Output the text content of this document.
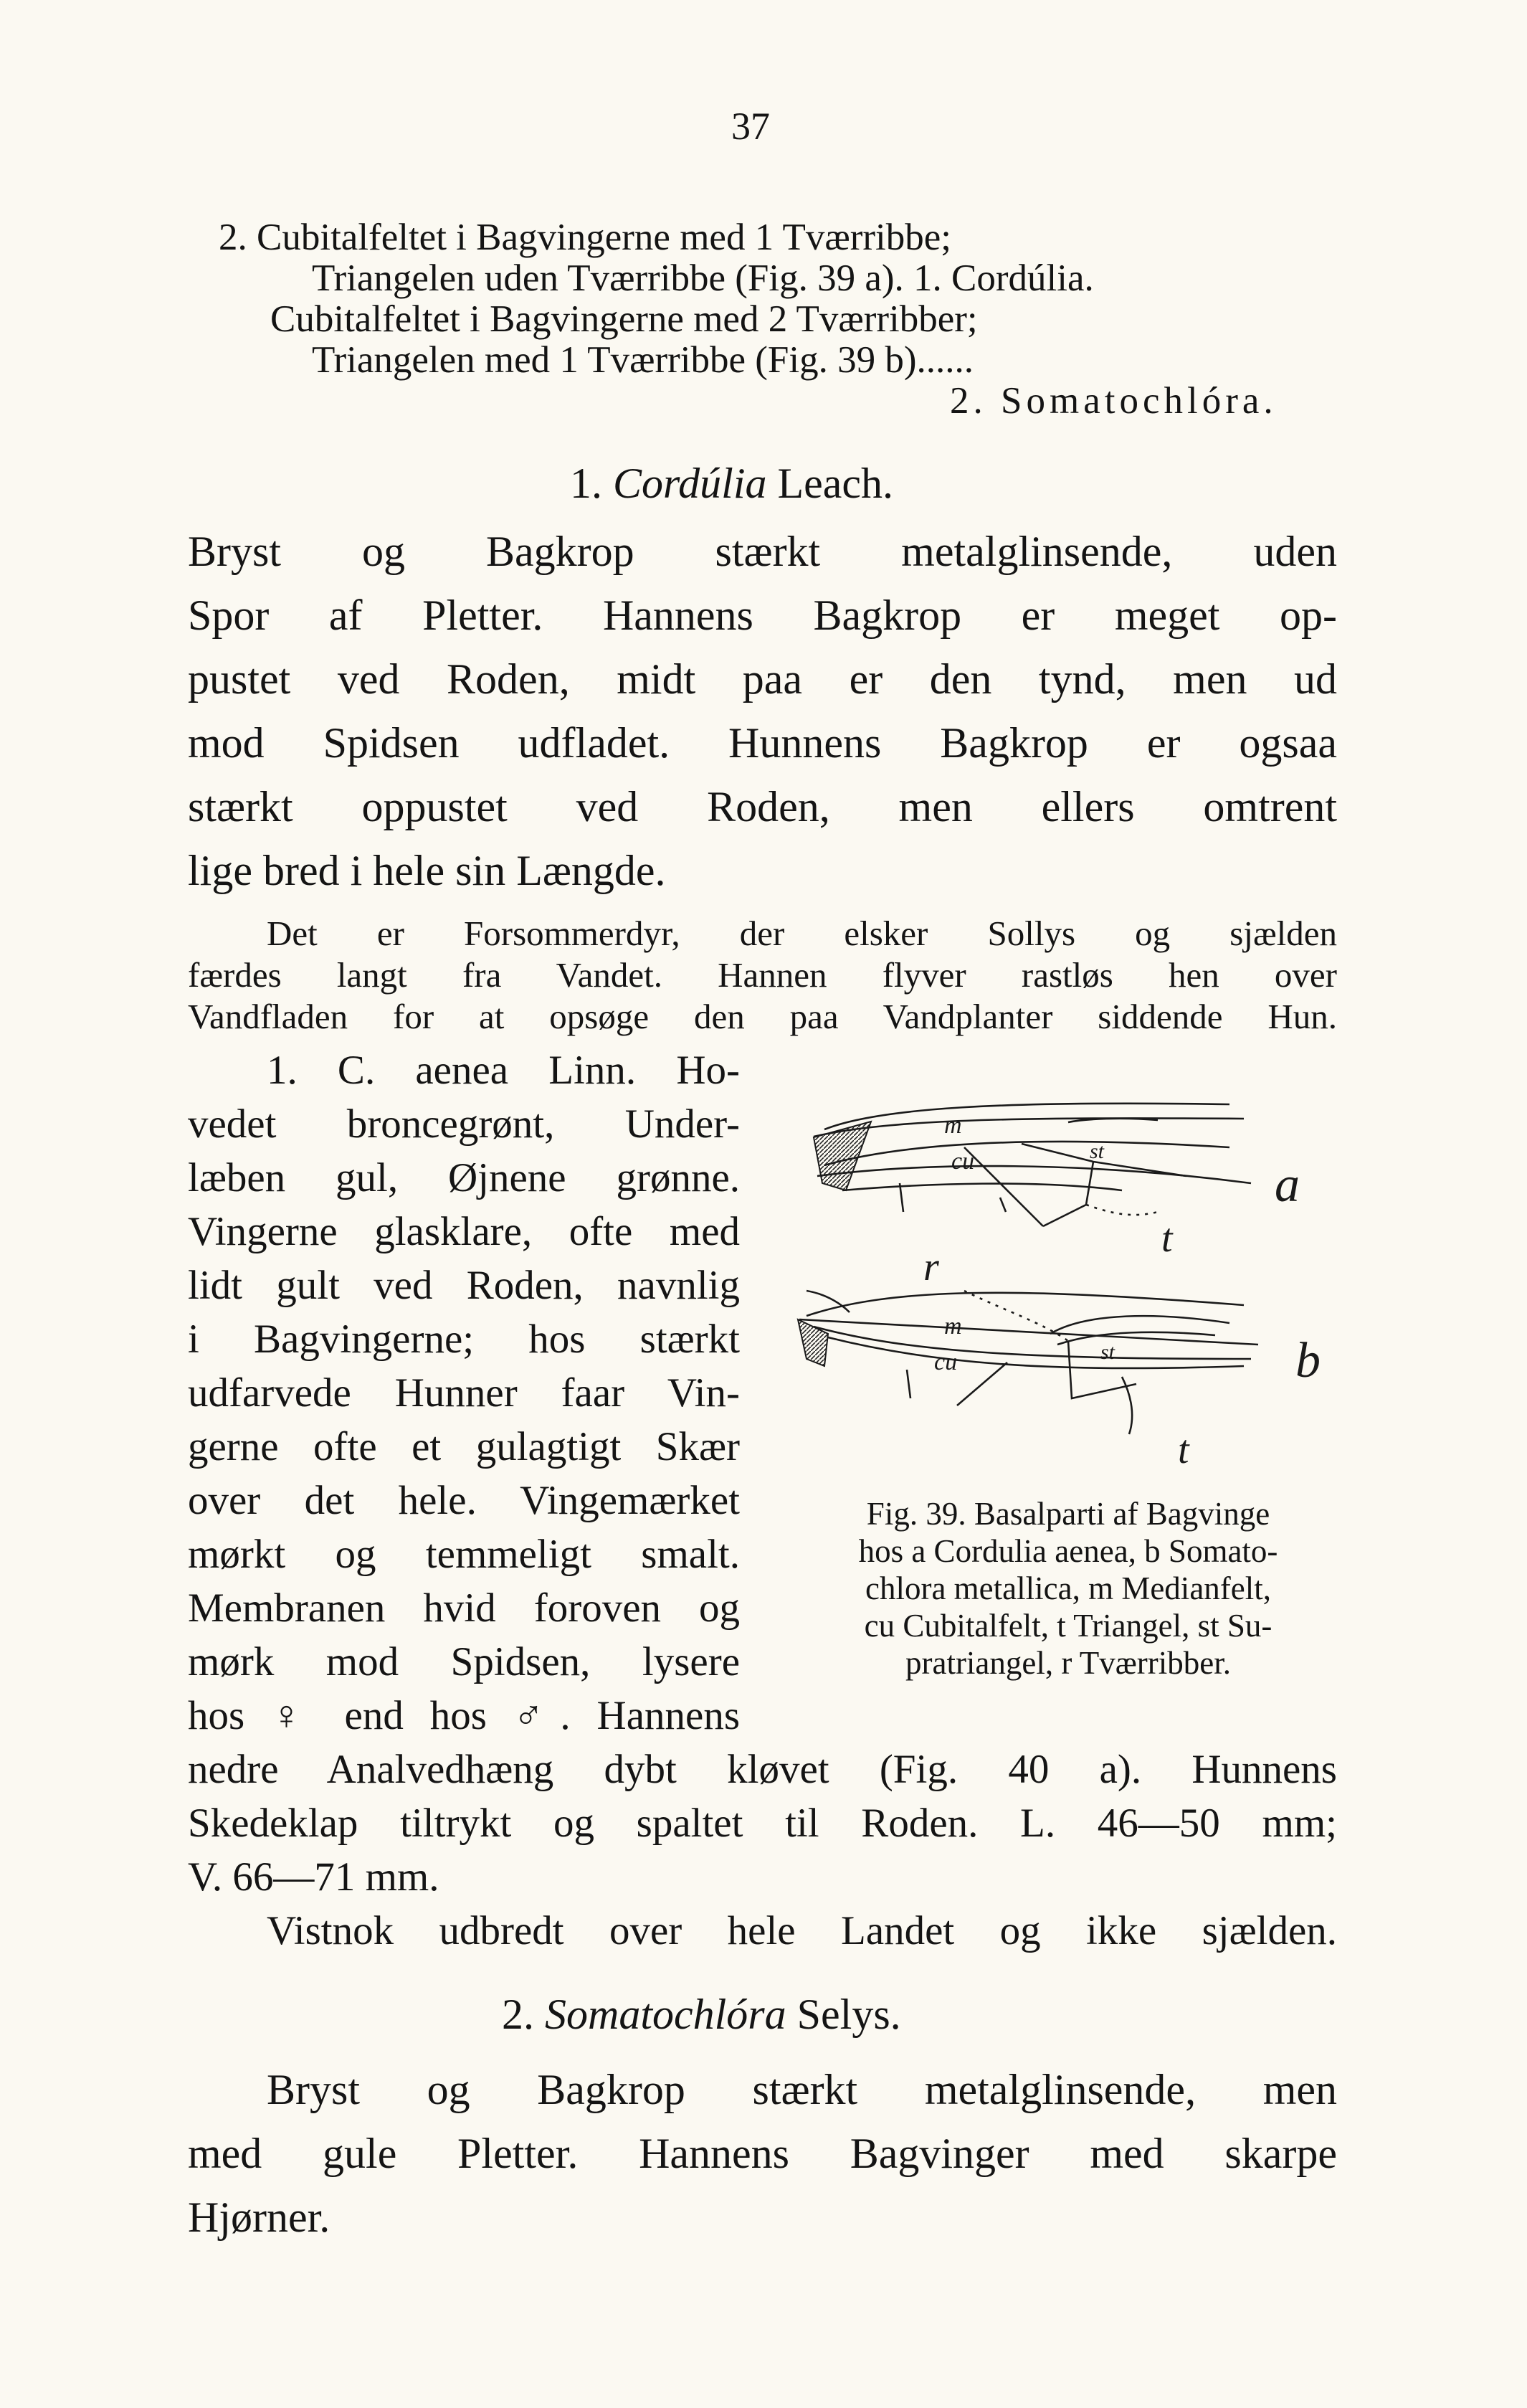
37
2. Cubitalfeltet i Bagvingerne med 1 Tværribbe;
Triangelen uden Tværribbe (Fig. 39 a). 1. Cordúlia.
Cubitalfeltet i Bagvingerne med 2 Tværribber;
Triangelen med 1 Tværribbe (Fig. 39 b)......
2. Somatochlóra.
1. Cordúlia Leach.
Bryst og Bagkrop stærkt metalglinsende, uden
Spor af Pletter. Hannens Bagkrop er meget op-
pustet ved Roden, midt paa er den tynd, men ud
mod Spidsen udfladet. Hunnens Bagkrop er ogsaa
stærkt oppustet ved Roden, men ellers omtrent
lige bred i hele sin Længde.
Det er Forsommerdyr, der elsker Sollys og sjælden
færdes langt fra Vandet. Hannen flyver rastløs hen over
Vandfladen for at opsøge den paa Vandplanter siddende Hun.
1. C. aenea Linn. Ho-
vedet broncegrønt, Under-
læben gul, Øjnene grønne.
Vingerne glasklare, ofte med
lidt gult ved Roden, navnlig
i Bagvingerne; hos stærkt
udfarvede Hunner faar Vin-
gerne ofte et gulagtigt Skær
over det hele. Vingemærket
mørkt og temmeligt smalt.
Membranen hvid foroven og
mørk mod Spidsen, lysere
hos ♀ end hos ♂. Hannens
m
cu	st
t
r
a
m
cu	st
t
b
Fig. 39. Basalparti af Bagvinge
hos a Cordulia aenea, b Somato-
chlora metallica, m Medianfelt,
cu Cubitalfelt, t Triangel, st Su-
pratriangel, r Tværribber.
nedre Analvedhæng dybt kløvet (Fig. 40 a). Hunnens
Skedeklap tiltrykt og spaltet til Roden. L. 46—50 mm;
V. 66—71 mm.
Vistnok udbredt over hele Landet og ikke sjælden.
2. Somatochlóra Selys.
Bryst og Bagkrop stærkt metalglinsende, men
med gule Pletter. Hannens Bagvinger med skarpe
Hjørner.
